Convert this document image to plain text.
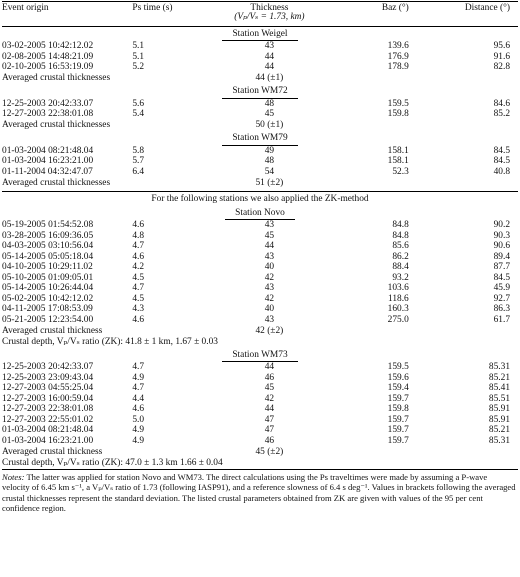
Event origin	Ps time (s)	Thickness
(Vₚ/Vₛ = 1.73, km)	Baz (°)	Distance (°)
Station Weigel				
03-02-2005 10:42:12.02	5.1	43	139.6	95.6
02-08-2005 14:48:21.09	5.1	44	176.9	91.6
02-10-2005 16:53:19.09	5.2	44	178.9	82.8
Averaged crustal thicknesses		44 (±1)		
Station WM72				
12-25-2003 20:42:33.07	5.6	48	159.5	84.6
12-27-2003 22:38:01.08	5.4	45	159.8	85.2
Averaged crustal thicknesses		50 (±1)		
Station WM79				
01-03-2004 08:21:48.04	5.8	49	158.1	84.5
01-03-2004 16:23:21.00	5.7	48	158.1	84.5
01-11-2004 04:32:47.07	6.4	54	52.3	40.8
Averaged crustal thicknesses		51 (±2)		

For the following stations we also applied the ZK-method				
Station Novo				
05-19-2005 01:54:52.08	4.6	43	84.8	90.2
03-28-2005 16:09:36.05	4.8	45	84.8	90.3
04-03-2005 03:10:56.04	4.7	44	85.6	90.6
05-14-2005 05:05:18.04	4.6	43	86.2	89.4
04-10-2005 10:29:11.02	4.2	40	88.4	87.7
05-10-2005 01:09:05.01	4.5	42	93.2	84.5
05-14-2005 10:26:44.04	4.7	43	103.6	45.9
05-02-2005 10:42:12.02	4.5	42	118.6	92.7
04-11-2005 17:08:53.09	4.3	40	160.3	86.3
05-21-2005 12:23:54.00	4.6	43	275.0	61.7
Averaged crustal thickness		42 (±2)		
Crustal depth, Vₚ/Vₛ ratio (ZK): 41.8 ± 1 km, 1.67 ± 0.03				
Station WM73				
12-25-2003 20:42:33.07	4.7	44	159.5	85.31
12-25-2003 23:09:43.04	4.9	46	159.6	85.21
12-27-2003 04:55:25.04	4.7	45	159.4	85.41
12-27-2003 16:00:59.04	4.4	42	159.7	85.51
12-27-2003 22:38:01.08	4.6	44	159.8	85.91
12-27-2003 22:55:01.02	5.0	47	159.7	85.91
01-03-2004 08:21:48.04	4.9	47	159.7	85.21
01-03-2004 16:23:21.00	4.9	46	159.7	85.31
Averaged crustal thickness		45 (±2)		
Crustal depth, Vₚ/Vₛ ratio (ZK): 47.0 ± 1.3 km 1.66 ± 0.04				
Notes: The latter was applied for station Novo and WM73. The direct calculations using the Ps traveltimes were made by assuming a P-wave velocity of 6.45 km s⁻¹, a Vₚ/Vₛ ratio of 1.73 (following IASP91), and a reference slowness of 6.4 s deg⁻¹. Values in brackets following the averaged crustal thicknesses represent the standard deviation. The listed crustal parameters obtained from ZK are given with values of the 95 per cent confidence region.
